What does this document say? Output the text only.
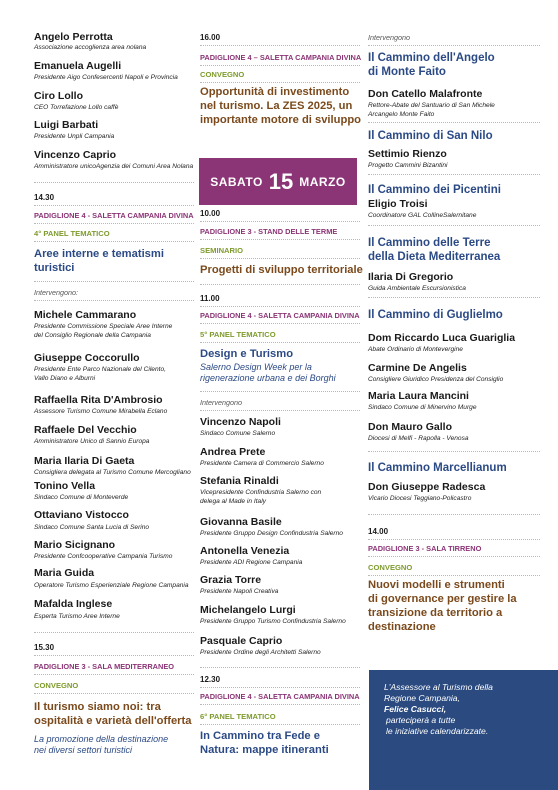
Angelo Perrotta
Associazione accoglienza area nolana
Emanuela Augelli
Presidente Aigo Confesercenti Napoli e Provincia
Ciro Lollo
CEO Torrefazione Lollo caffè
Luigi Barbati
Presidente Unpli Campania
Vincenzo Caprio
Amministratore unicoAgenzia dei Comuni Area Nolana
14.30
PADIGLIONE 4 - SALETTA CAMPANIA DIVINA
4° PANEL TEMATICO
Aree interne e tematismi
turistici
Intervengono:
Michele Cammarano
Presidente Commissione Speciale Aree Interne
del Consiglio Regionale della Campania
Giuseppe Coccorullo
Presidente Ente Parco Nazionale del Cilento,
Vallo Diano e Alburni
Raffaella Rita D'Ambrosio
Assessore Turismo Comune Mirabella Eclano
Raffaele Del Vecchio
Amministratore Unico di Sannio Europa
Maria Ilaria Di Gaeta
Consigliera delegata al Turismo Comune Mercogliano
Tonino Vella
Sindaco Comune di Monteverde
Ottaviano Vistocco
Sindaco Comune Santa Lucia di Serino
Mario Sicignano
Presidente Confcooperative Campania Turismo
Maria Guida
Operatore Turismo Esperienziale Regione Campania
Mafalda Inglese
Esperta Turismo Aree Interne
15.30
PADIGLIONE 3 - SALA MEDITERRANEO
CONVEGNO
Il turismo siamo noi: tra
ospitalità e varietà dell'offerta
La promozione della destinazione
nei diversi settori turistici
16.00
PADIGLIONE 4 – SALETTA CAMPANIA DIVINA
CONVEGNO
Opportunità di investimento
nel turismo. La ZES 2025, un
importante motore di sviluppo
10.00
PADIGLIONE 3 - STAND DELLE TERME
SEMINARIO
Progetti di sviluppo territoriale
11.00
PADIGLIONE 4 - SALETTA CAMPANIA DIVINA
5° PANEL TEMATICO
Design e Turismo
Salerno Design Week per la
rigenerazione urbana e dei Borghi
Intervengono
Vincenzo Napoli
Sindaco Comune Salerno
Andrea Prete
Presidente Camera di Commercio Salerno
Stefania Rinaldi
Vicepresidente Confindustria Salerno con
delega al Made in Italy
Giovanna Basile
Presidente Gruppo Design Confindustria Salerno
Antonella Venezia
Presidente ADI Regione Campania
Grazia Torre
Presidente Napoli Creativa
Michelangelo Lurgi
Presidente Gruppo Turismo Confindustria Salerno
Pasquale Caprio
Presidente Ordine degli Architetti Salerno
12.30
PADIGLIONE 4 - SALETTA CAMPANIA DIVINA
6° PANEL TEMATICO
In Cammino tra Fede e
Natura: mappe itineranti
SABATO 15 MARZO
Intervengono
Il Cammino dell'Angelo
di Monte Faito
Don Catello Malafronte
Rettore-Abate del Santuario di San Michele
Arcangelo Monte Faito
Il Cammino di San Nilo
Settimio Rienzo
Progetto Cammini Bizantini
Il Cammino dei Picentini
Eligio Troisi
Coordinatore GAL CollineSalernitane
Il Cammino delle Terre
della Dieta Mediterranea
Ilaria Di Gregorio
Guida Ambientale Escursionistica
Il Cammino di Guglielmo
Dom Riccardo Luca Guariglia
Abate Ordinario di Montevergine
Carmine De Angelis
Consigliere Giuridico Presidenza del Consiglio
Maria Laura Mancini
Sindaco Comune di Minervino Murge
Don Mauro Gallo
Diocesi di Melfi - Rapolla - Venosa
Il Cammino Marcellianum
Don Giuseppe Radesca
Vicario Diocesi Teggiano-Policastro
14.00
PADIGLIONE 3 - SALA TIRRENO
CONVEGNO
Nuovi modelli e strumenti
di governance per gestire la
transizione da territorio a
destinazione
L'Assessore al Turismo della
Regione Campania,
Felice Casucci,
parteciperà a tutte
le iniziative calendarizzate.
